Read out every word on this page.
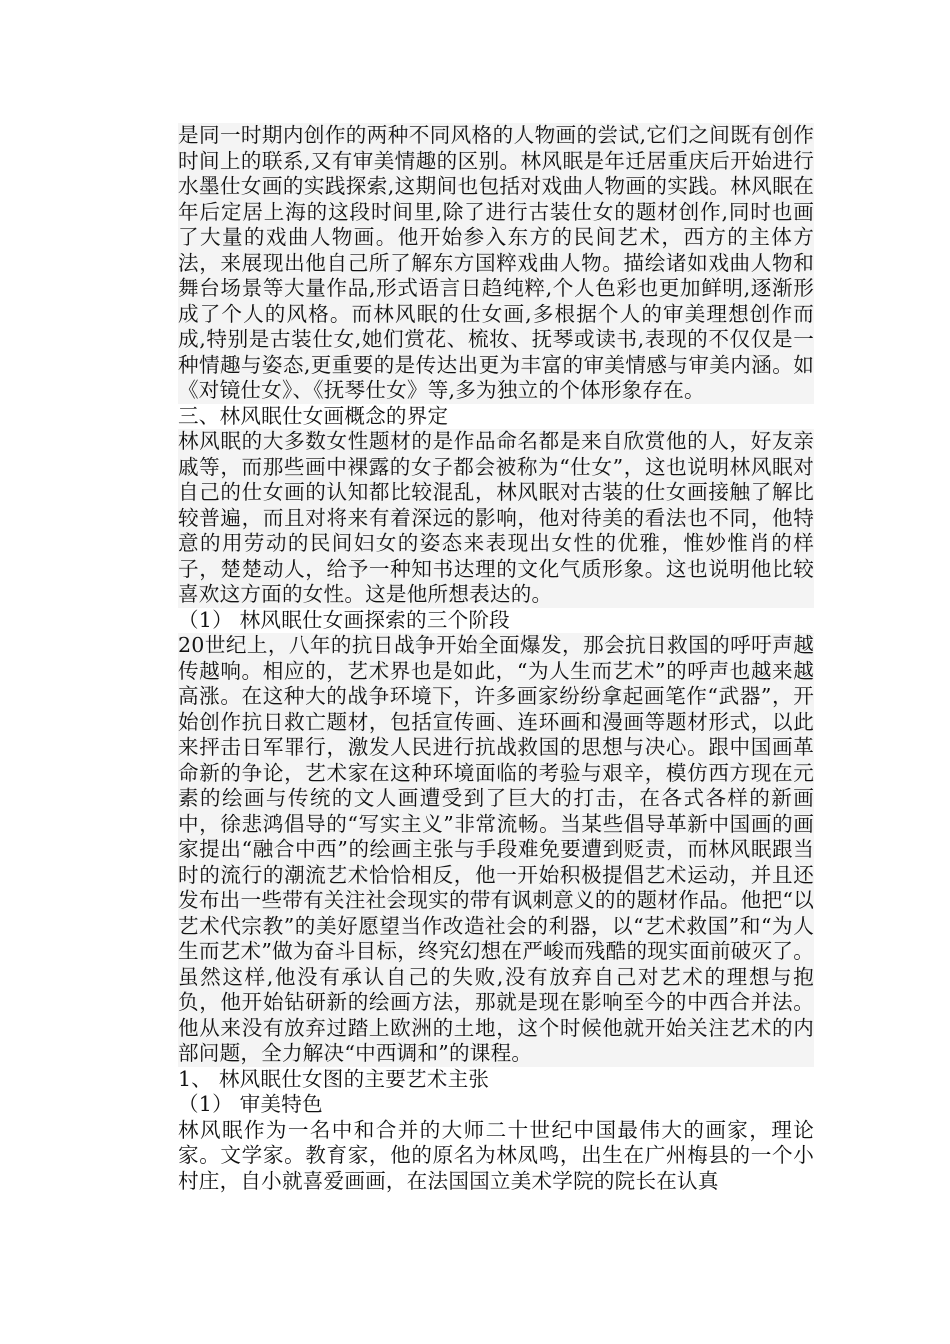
是同一时期内创作的两种不同风格的人物画的尝试,它们之间既有创作时间上的联系,又有审美情趣的区别。林风眠是年迁居重庆后开始进行水墨仕女画的实践探索,这期间也包括对戏曲人物画的实践。林风眠在年后定居上海的这段时间里,除了进行古装仕女的题材创作,同时也画了大量的戏曲人物画。他开始参入东方的民间艺术，西方的主体方法，来展现出他自己所了解东方国粹戏曲人物。描绘诸如戏曲人物和舞台场景等大量作品,形式语言日趋纯粹,个人色彩也更加鲜明,逐渐形成了个人的风格。而林风眠的仕女画,多根据个人的审美理想创作而成,特别是古装仕女,她们赏花、梳妆、抚琴或读书,表现的不仅仅是一种情趣与姿态,更重要的是传达出更为丰富的审美情感与审美内涵。如《对镜仕女》、《抚琴仕女》等,多为独立的个体形象存在。

三、林风眠仕女画概念的界定

林风眠的大多数女性题材的是作品命名都是来自欣赏他的人，好友亲戚等，而那些画中裸露的女子都会被称为“仕女”，这也说明林风眠对自己的仕女画的认知都比较混乱，林风眠对古装的仕女画接触了解比较普遍，而且对将来有着深远的影响，他对待美的看法也不同，他特意的用劳动的民间妇女的姿态来表现出女性的优雅，惟妙惟肖的样子，楚楚动人，给予一种知书达理的文化气质形象。这也说明他比较喜欢这方面的女性。这是他所想表达的。

（1） 林风眠仕女画探索的三个阶段

20世纪上，八年的抗日战争开始全面爆发，那会抗日救国的呼吁声越传越响。相应的，艺术界也是如此，“为人生而艺术”的呼声也越来越高涨。在这种大的战争环境下，许多画家纷纷拿起画笔作“武器”，开始创作抗日救亡题材，包括宣传画、连环画和漫画等题材形式，以此来抨击日军罪行，激发人民进行抗战救国的思想与决心。跟中国画革命新的争论，艺术家在这种环境面临的考验与艰辛，模仿西方现在元素的绘画与传统的文人画遭受到了巨大的打击，在各式各样的新画中，徐悲鸿倡导的“写实主义”非常流畅。当某些倡导革新中国画的画家提出“融合中西”的绘画主张与手段难免要遭到贬责，而林风眠跟当时的流行的潮流艺术恰恰相反，他一开始积极提倡艺术运动，并且还发布出一些带有关注社会现实的带有讽刺意义的的题材作品。他把“以艺术代宗教”的美好愿望当作改造社会的利器，以“艺术救国”和“为人生而艺术”做为奋斗目标，终究幻想在严峻而残酷的现实面前破灭了。虽然这样,他没有承认自己的失败,没有放弃自己对艺术的理想与抱负，他开始钻研新的绘画方法，那就是现在影响至今的中西合并法。他从来没有放弃过踏上欧洲的土地，这个时候他就开始关注艺术的内部问题，全力解决“中西调和”的课程。

1、 林风眠仕女图的主要艺术主张

（1） 审美特色

林风眠作为一名中和合并的大师二十世纪中国最伟大的画家，理论家。文学家。教育家，他的原名为林凤鸣，出生在广州梅县的一个小村庄，自小就喜爱画画，在法国国立美术学院的院长在认真
